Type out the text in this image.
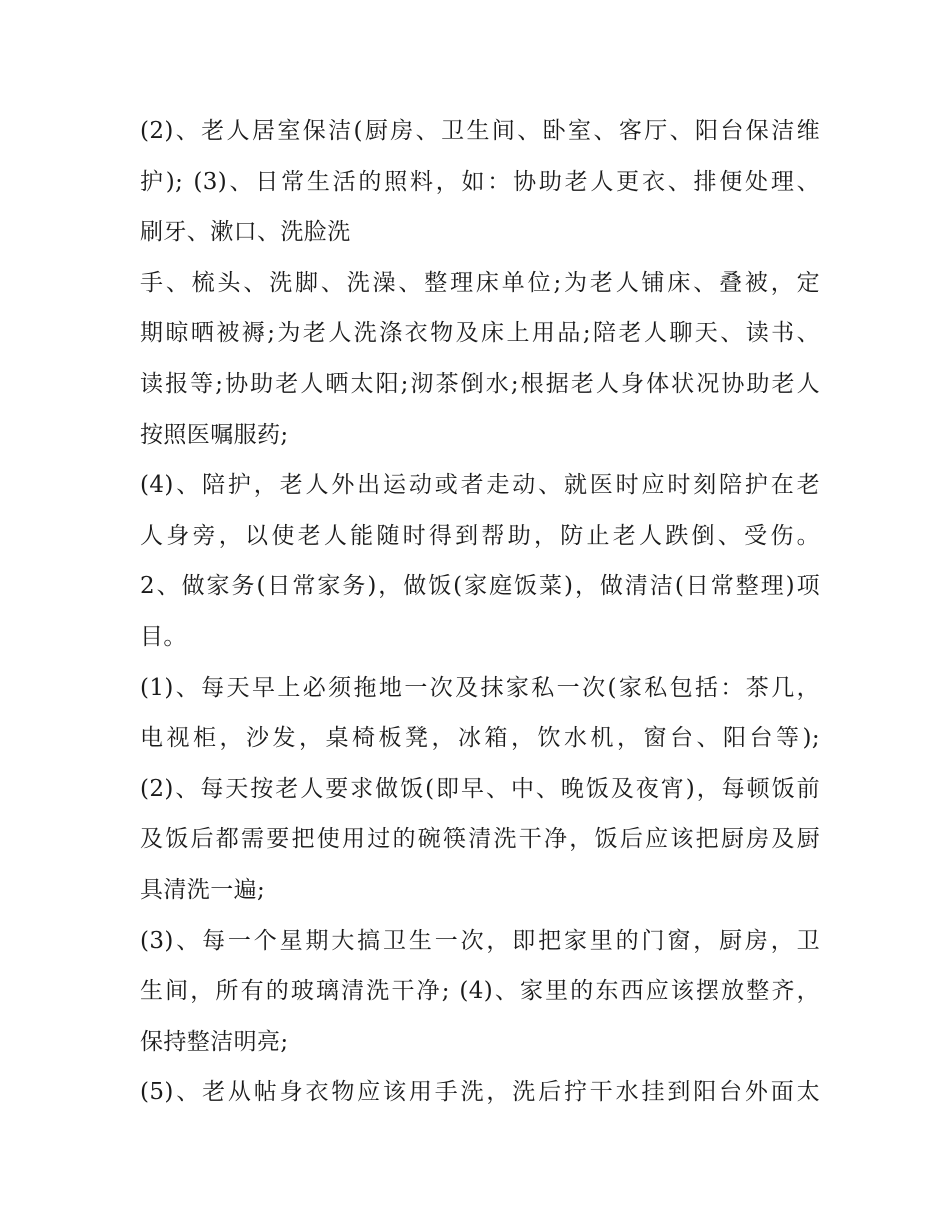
(2)、老人居室保洁(厨房、卫生间、卧室、客厅、阳台保洁维
护); (3)、日常生活的照料，如：协助老人更衣、排便处理、
刷牙、漱口、洗脸洗
手、梳头、洗脚、洗澡、整理床单位;为老人铺床、叠被，定
期晾晒被褥;为老人洗涤衣物及床上用品;陪老人聊天、读书、
读报等;协助老人晒太阳;沏茶倒水;根据老人身体状况协助老人
按照医嘱服药;
(4)、陪护，老人外出运动或者走动、就医时应时刻陪护在老
人身旁，以使老人能随时得到帮助，防止老人跌倒、受伤。
2、做家务(日常家务)，做饭(家庭饭菜)，做清洁(日常整理)项
目。
(1)、每天早上必须拖地一次及抹家私一次(家私包括：茶几，
电视柜，沙发，桌椅板凳，冰箱，饮水机，窗台、阳台等);
(2)、每天按老人要求做饭(即早、中、晚饭及夜宵)，每顿饭前
及饭后都需要把使用过的碗筷清洗干净，饭后应该把厨房及厨
具清洗一遍;
(3)、每一个星期大搞卫生一次，即把家里的门窗，厨房，卫
生间，所有的玻璃清洗干净; (4)、家里的东西应该摆放整齐，
保持整洁明亮;
(5)、老从帖身衣物应该用手洗，洗后拧干水挂到阳台外面太
